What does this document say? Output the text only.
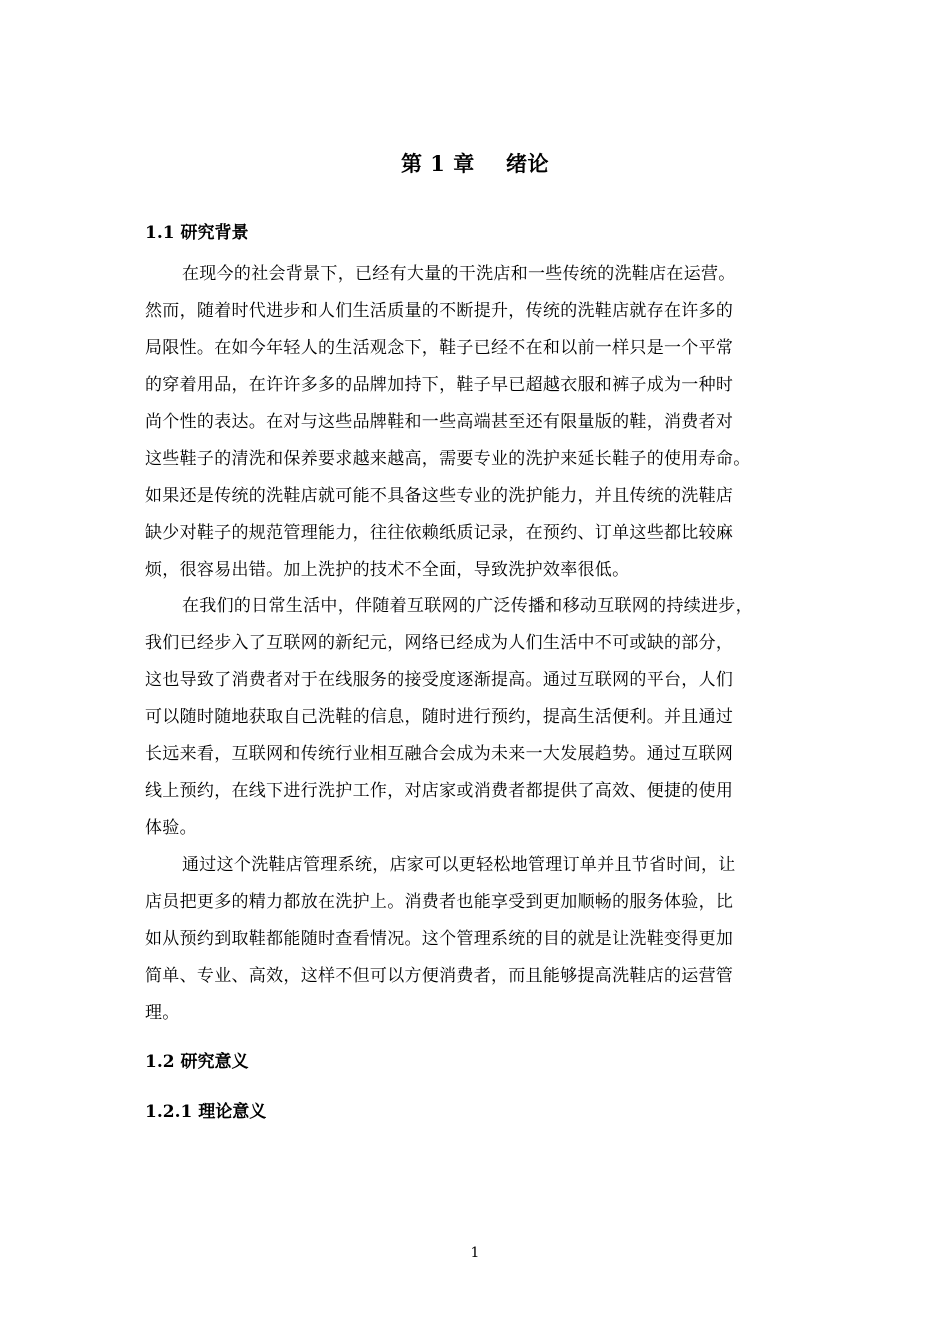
第 1 章    绪论
1.1 研究背景
在现今的社会背景下，已经有大量的干洗店和一些传统的洗鞋店在运营。
然而，随着时代进步和人们生活质量的不断提升，传统的洗鞋店就存在许多的
局限性。在如今年轻人的生活观念下，鞋子已经不在和以前一样只是一个平常
的穿着用品，在许许多多的品牌加持下，鞋子早已超越衣服和裤子成为一种时
尚个性的表达。在对与这些品牌鞋和一些高端甚至还有限量版的鞋，消费者对
这些鞋子的清洗和保养要求越来越高，需要专业的洗护来延长鞋子的使用寿命。
如果还是传统的洗鞋店就可能不具备这些专业的洗护能力，并且传统的洗鞋店
缺少对鞋子的规范管理能力，往往依赖纸质记录，在预约、订单这些都比较麻
烦，很容易出错。加上洗护的技术不全面，导致洗护效率很低。
在我们的日常生活中，伴随着互联网的广泛传播和移动互联网的持续进步，
我们已经步入了互联网的新纪元，网络已经成为人们生活中不可或缺的部分，
这也导致了消费者对于在线服务的接受度逐渐提高。通过互联网的平台，人们
可以随时随地获取自己洗鞋的信息，随时进行预约，提高生活便利。并且通过
长远来看，互联网和传统行业相互融合会成为未来一大发展趋势。通过互联网
线上预约，在线下进行洗护工作，对店家或消费者都提供了高效、便捷的使用
体验。
通过这个洗鞋店管理系统，店家可以更轻松地管理订单并且节省时间，让
店员把更多的精力都放在洗护上。消费者也能享受到更加顺畅的服务体验，比
如从预约到取鞋都能随时查看情况。这个管理系统的目的就是让洗鞋变得更加
简单、专业、高效，这样不但可以方便消费者，而且能够提高洗鞋店的运营管
理。
1.2 研究意义
1.2.1 理论意义
1
